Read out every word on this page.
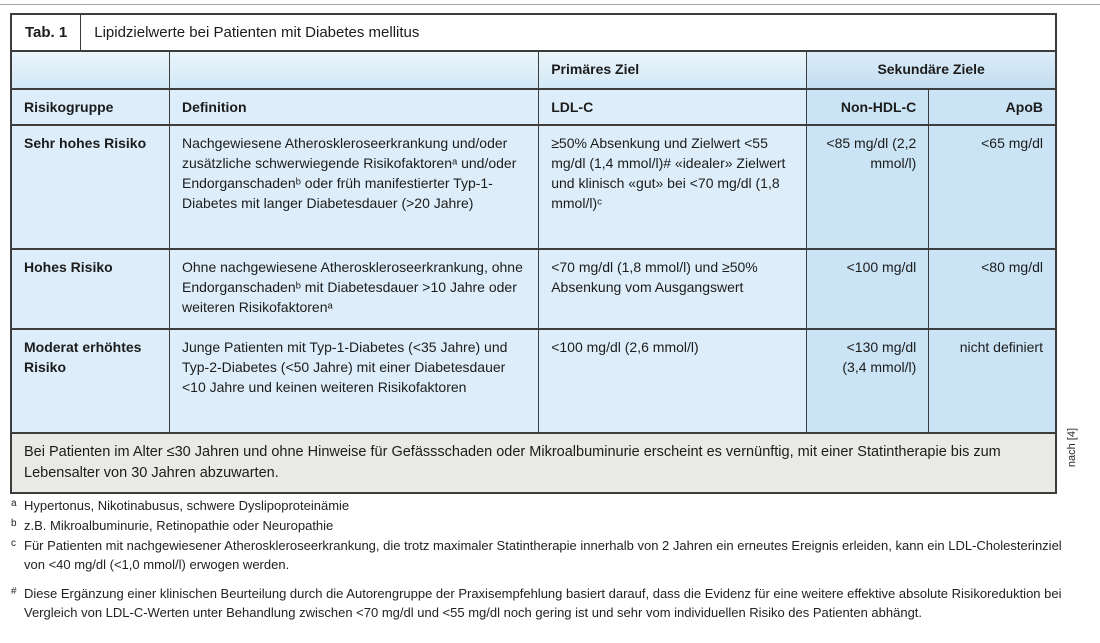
Tab. 1	Lipidzielwerte bei Patienten mit Diabetes mellitus
		Primäres Ziel	Sekundäre Ziele	
Risikogruppe	Definition	LDL-C	Non-HDL-C	ApoB
Sehr hohes Risiko	Nachgewiesene Atheroskleroseerkrankung und/oder zusätzliche schwerwiegende Risikofaktorenᵃ und/oder Endorganschadenᵇ oder früh manifestierter Typ-1-Diabetes mit langer Diabetesdauer (>20 Jahre)	≥50% Absenkung und Zielwert <55 mg/dl (1,4 mmol/l)# «idealer» Zielwert und klinisch «gut» bei <70 mg/dl (1,8 mmol/l)ᶜ	<85 mg/dl (2,2 mmol/l)	<65 mg/dl
Hohes Risiko	Ohne nachgewiesene Atheroskleroseerkrankung, ohne Endorganschadenᵇ mit Diabetesdauer >10 Jahre oder weiteren Risikofaktorenᵃ	<70 mg/dl (1,8 mmol/l) und ≥50% Absenkung vom Ausgangswert	<100 mg/dl	<80 mg/dl
Moderat erhöhtes Risiko	Junge Patienten mit Typ-1-Diabetes (<35 Jahre) und Typ-2-Diabetes (<50 Jahre) mit einer Diabetesdauer <10 Jahre und keinen weiteren Risikofaktoren	<100 mg/dl (2,6 mmol/l)	<130 mg/dl (3,4 mmol/l)	nicht definiert
Bei Patienten im Alter ≤30 Jahren und ohne Hinweise für Gefässschaden oder Mikroalbuminurie erscheint es vernünftig, mit einer Statintherapie bis zum Lebensalter von 30 Jahren abzuwarten.				
nach [4]
a Hypertonus, Nikotinabusus, schwere Dyslipoproteinämie
b z.B. Mikroalbuminurie, Retinopathie oder Neuropathie
c Für Patienten mit nachgewiesener Atheroskleroseerkrankung, die trotz maximaler Statintherapie innerhalb von 2 Jahren ein erneutes Ereignis erleiden, kann ein LDL-Cholesterinziel von <40 mg/dl (<1,0 mmol/l) erwogen werden.
# Diese Ergänzung einer klinischen Beurteilung durch die Autorengruppe der Praxisempfehlung basiert darauf, dass die Evidenz für eine weitere effektive absolute Risikoreduktion bei Vergleich von LDL-C-Werten unter Behandlung zwischen <70 mg/dl und <55 mg/dl noch gering ist und sehr vom individuellen Risiko des Patienten abhängt.
